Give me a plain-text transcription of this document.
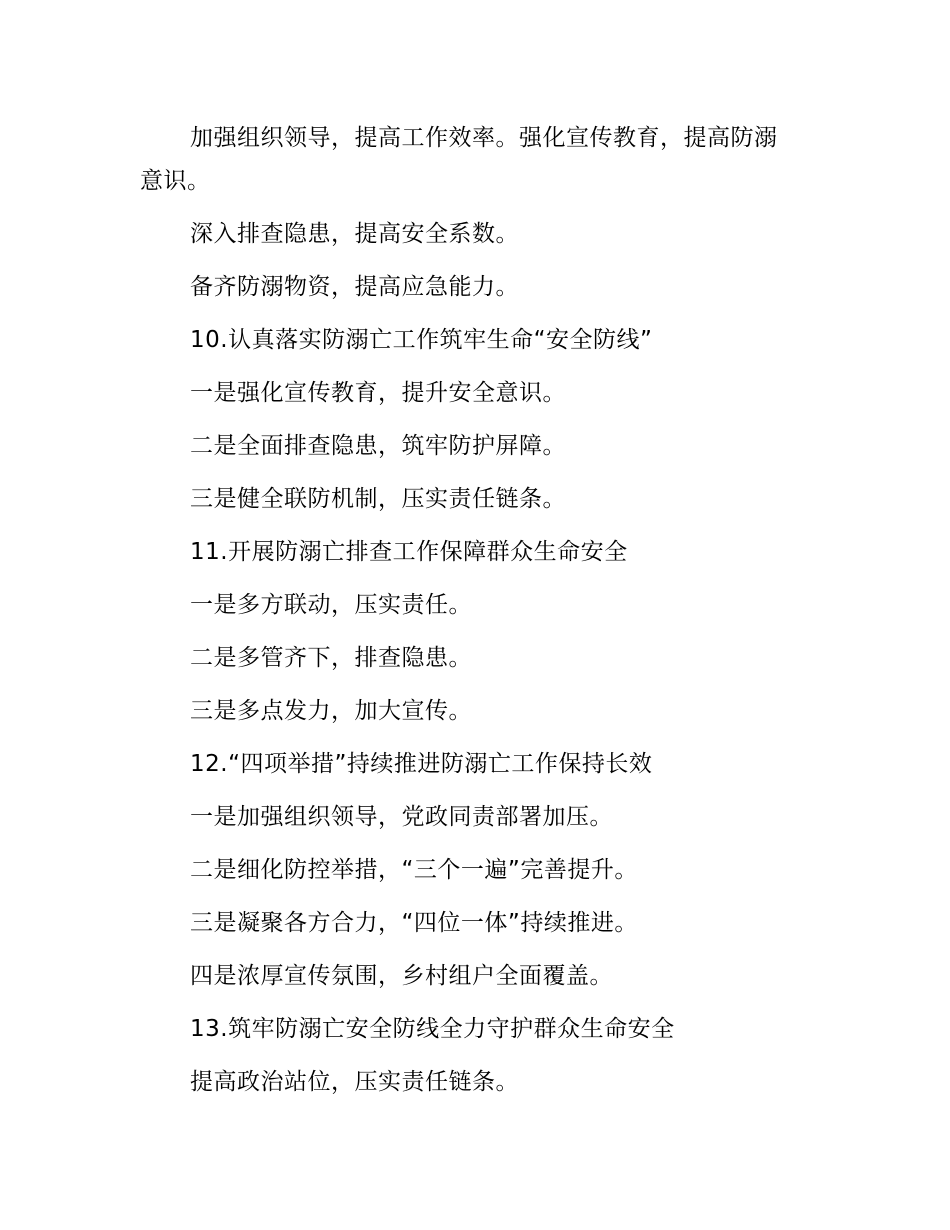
加强组织领导，提高工作效率。强化宣传教育，提高防溺
意识。
深入排查隐患，提高安全系数。
备齐防溺物资，提高应急能力。
10.认真落实防溺亡工作筑牢生命“安全防线”
一是强化宣传教育，提升安全意识。
二是全面排查隐患，筑牢防护屏障。
三是健全联防机制，压实责任链条。
11.开展防溺亡排查工作保障群众生命安全
一是多方联动，压实责任。
二是多管齐下，排查隐患。
三是多点发力，加大宣传。
12.“四项举措”持续推进防溺亡工作保持长效
一是加强组织领导，党政同责部署加压。
二是细化防控举措，“三个一遍”完善提升。
三是凝聚各方合力，“四位一体”持续推进。
四是浓厚宣传氛围，乡村组户全面覆盖。
13.筑牢防溺亡安全防线全力守护群众生命安全
提高政治站位，压实责任链条。
